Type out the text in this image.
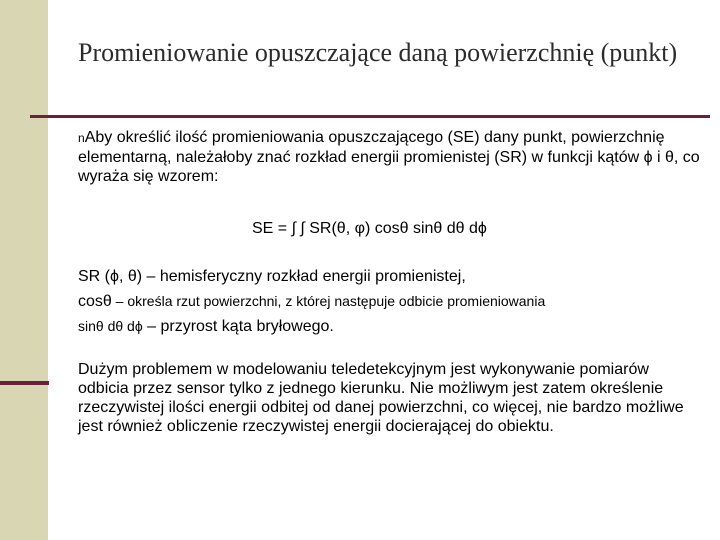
Promieniowanie opuszczające daną powierzchnię (punkt)
nAby określić ilość promieniowania opuszczającego (SE) dany punkt, powierzchnię elementarną, należałoby znać rozkład energii promienistej (SR) w funkcji kątów ϕ i θ, co wyraża się wzorem:
SE = ∫ ∫ SR(θ, φ) cosθ sinθ dθ dϕ
SR (ϕ, θ) – hemisferyczny rozkład energii promienistej,
cosθ – określa rzut powierzchni, z której następuje odbicie promieniowania
sinθ dθ dϕ – przyrost kąta bryłowego.
Dużym problemem w modelowaniu teledetekcyjnym jest wykonywanie pomiarów odbicia przez sensor tylko z jednego kierunku. Nie możliwym jest zatem określenie rzeczywistej ilości energii odbitej od danej powierzchni, co więcej, nie bardzo możliwe jest również obliczenie rzeczywistej energii docierającej do obiektu.
